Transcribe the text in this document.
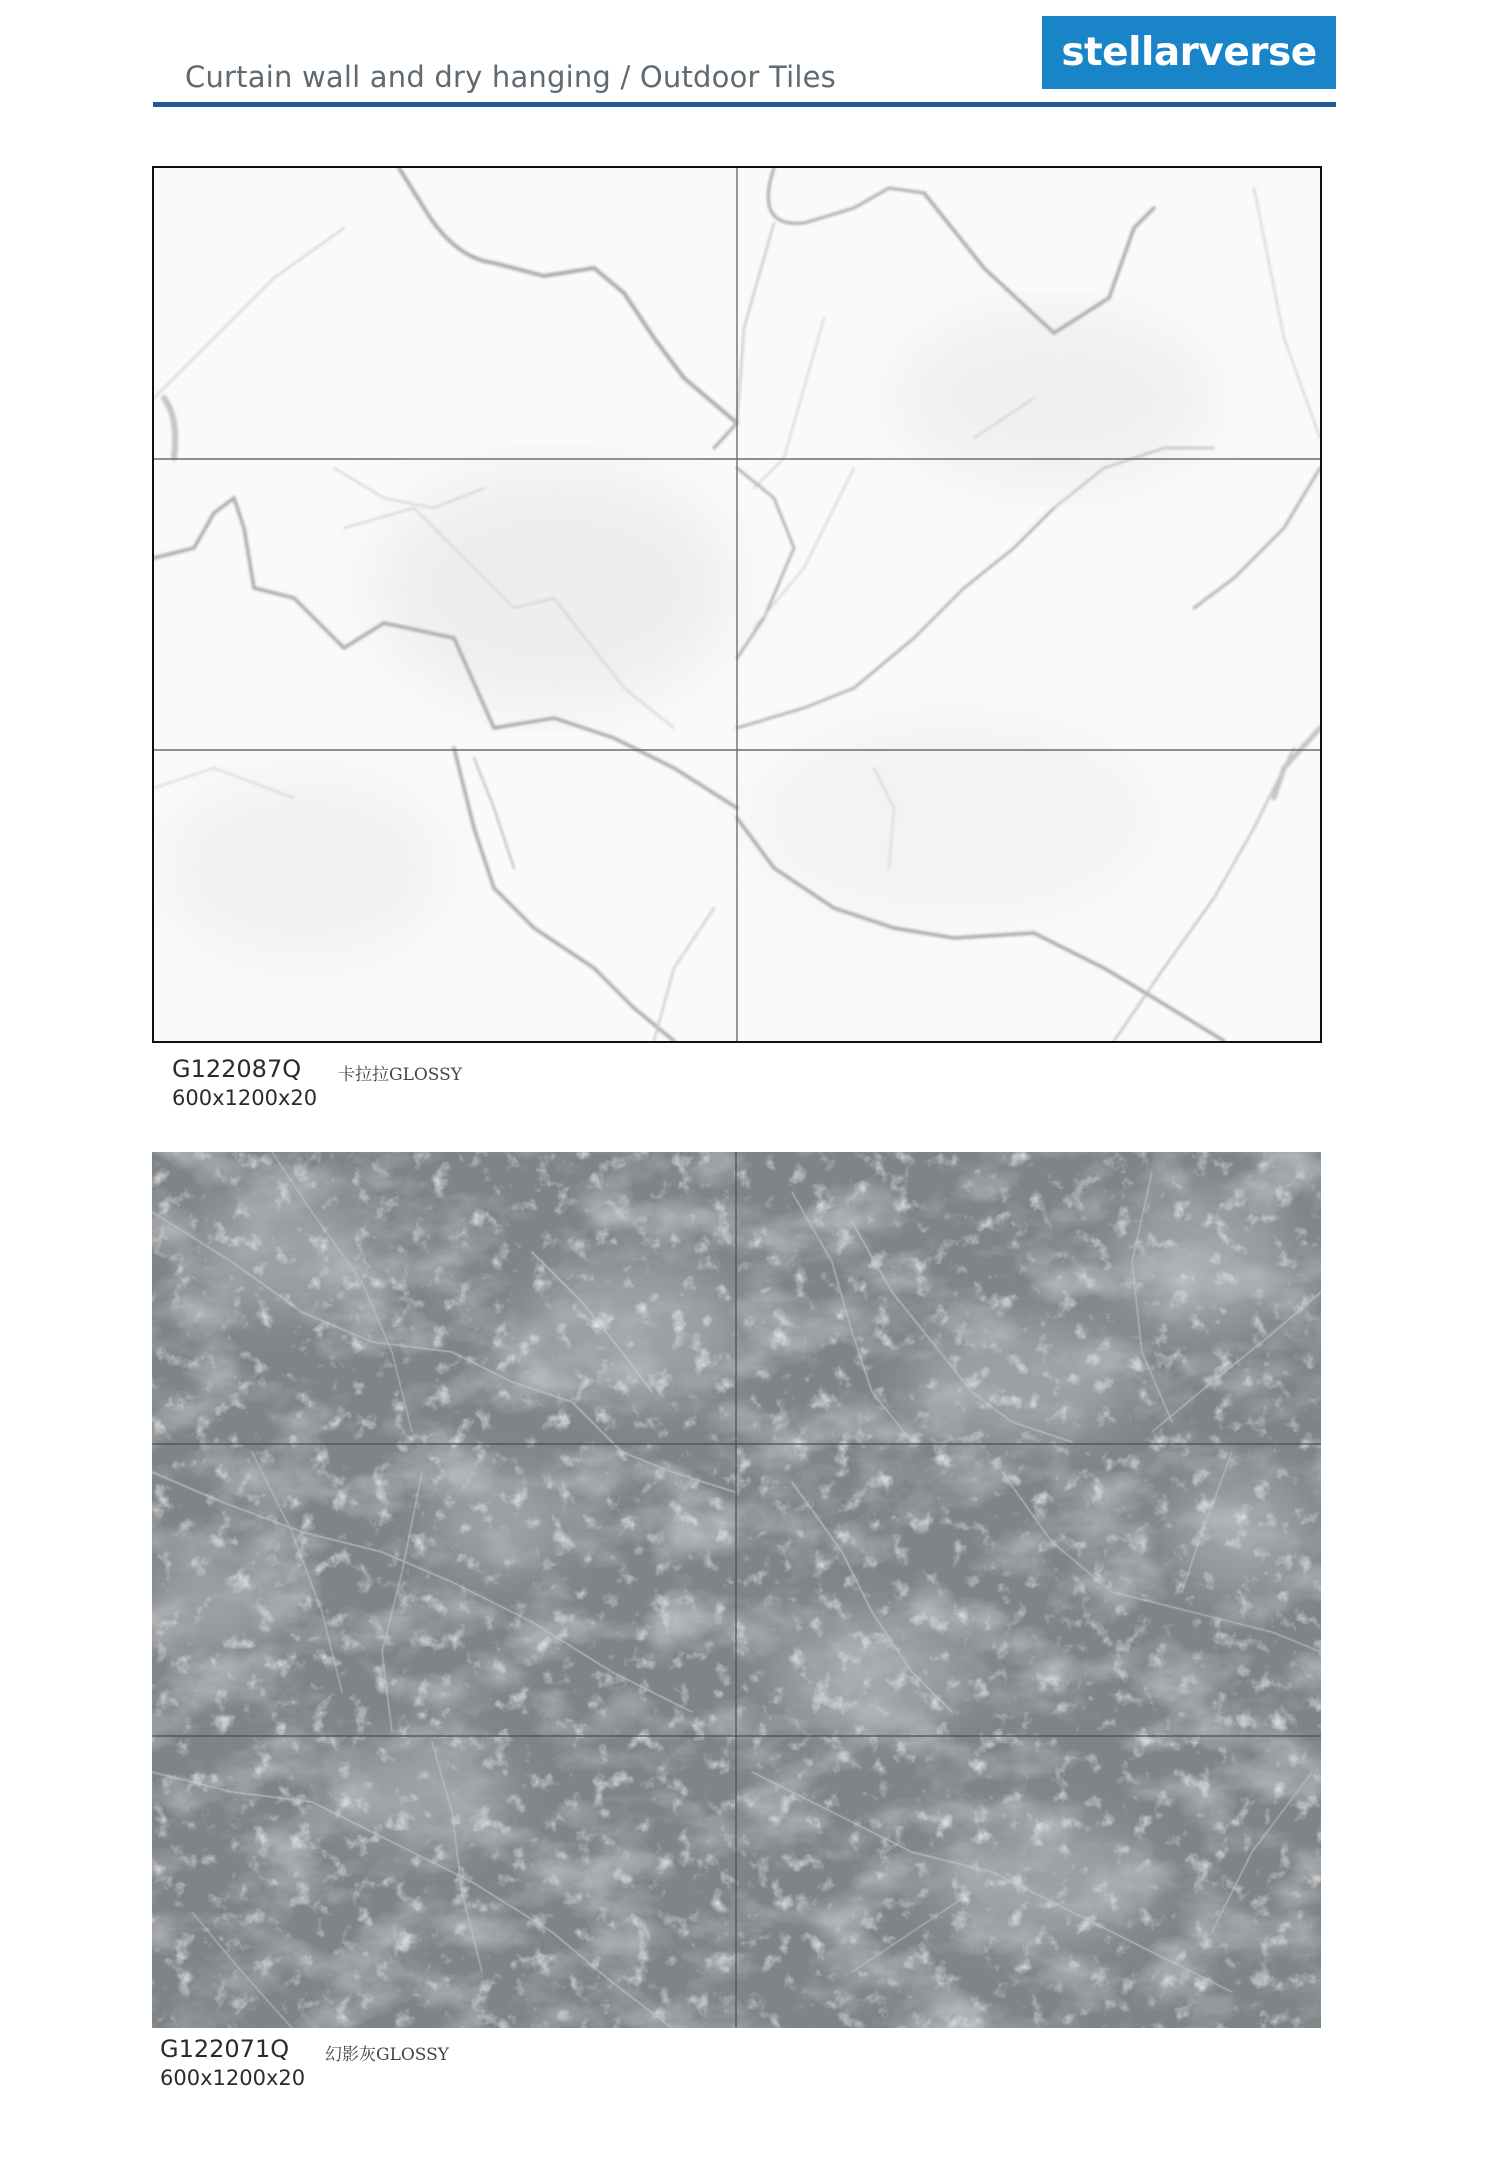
Curtain wall and dry hanging / Outdoor Tiles
stellarverse
G122087Q 卡拉拉GLOSSY
600x1200x20
G122071Q 幻影灰GLOSSY
600x1200x20
